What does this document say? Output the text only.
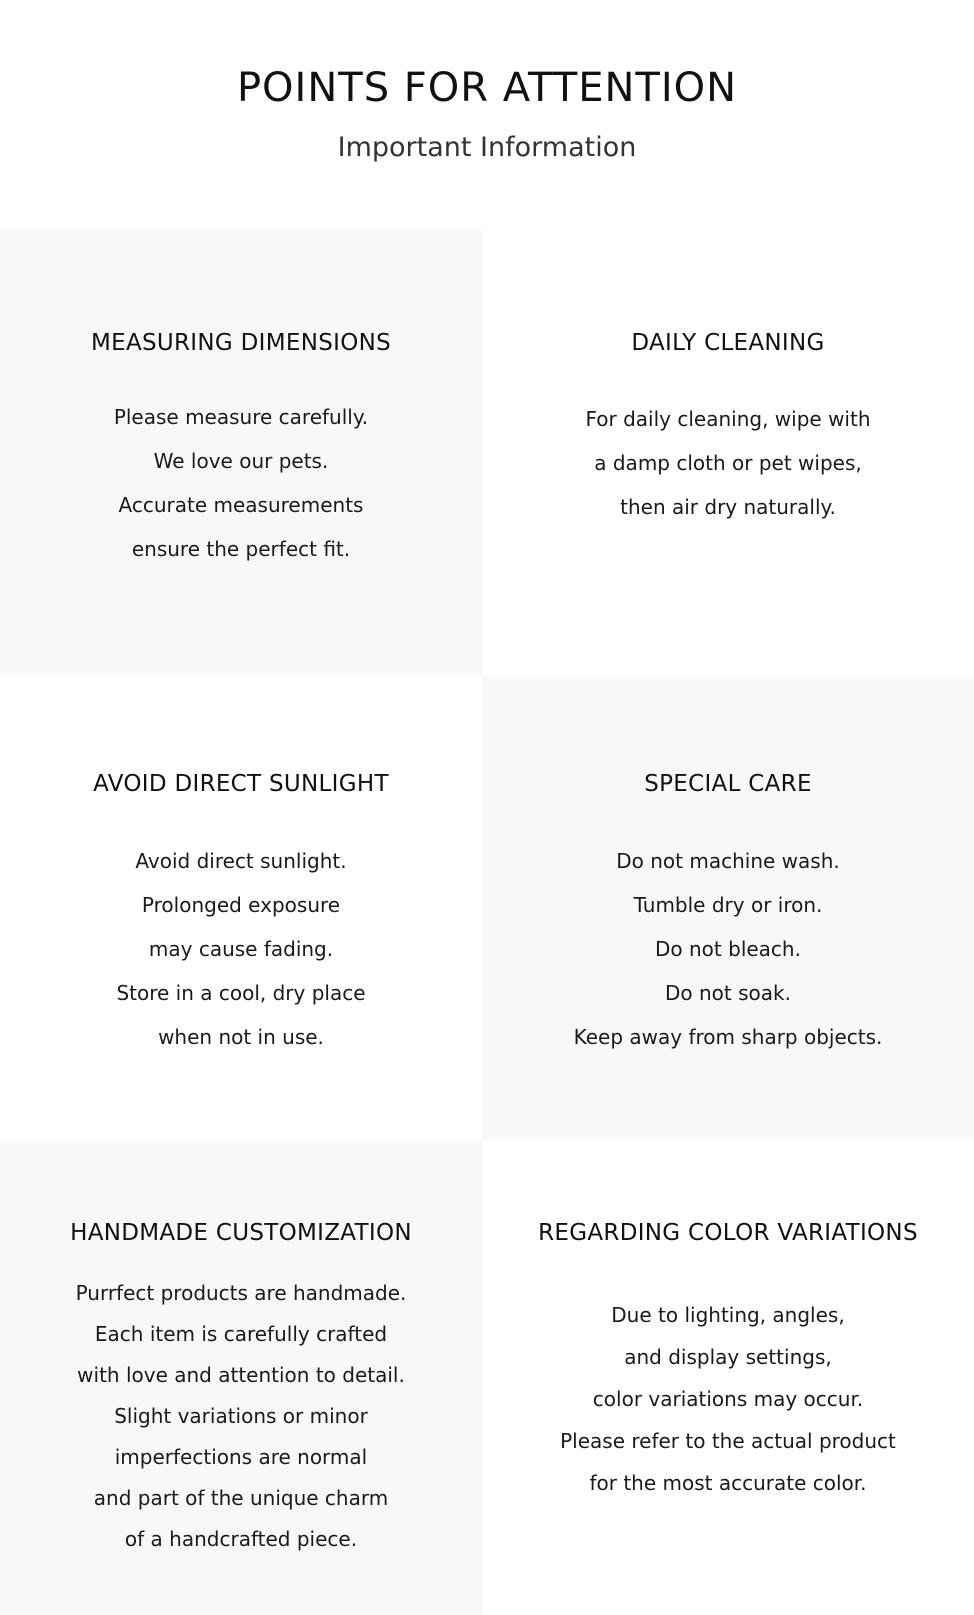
POINTS FOR ATTENTION

Important Information

MEASURING DIMENSIONS
Please measure carefully.
We love our pets.
Accurate measurements
ensure the perfect fit.
DAILY CLEANING
For daily cleaning, wipe with
a damp cloth or pet wipes,
then air dry naturally.
AVOID DIRECT SUNLIGHT
Avoid direct sunlight.
Prolonged exposure
may cause fading.
Store in a cool, dry place
when not in use.
SPECIAL CARE
Do not machine wash.
Tumble dry or iron.
Do not bleach.
Do not soak.
Keep away from sharp objects.
HANDMADE CUSTOMIZATION
Purrfect products are handmade.
Each item is carefully crafted
with love and attention to detail.
Slight variations or minor
imperfections are normal
and part of the unique charm
of a handcrafted piece.
REGARDING COLOR VARIATIONS
Due to lighting, angles,
and display settings,
color variations may occur.
Please refer to the actual product
for the most accurate color.
